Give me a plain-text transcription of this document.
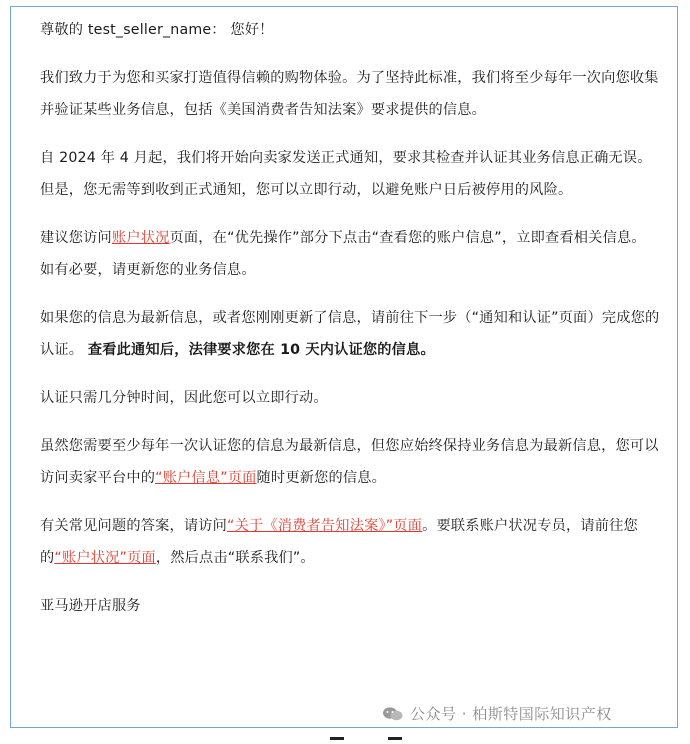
尊敬的 test_seller_name： 您好！

我们致力于为您和买家打造值得信赖的购物体验。为了坚持此标准，我们将至少每年一次向您收集并验证某些业务信息，包括《美国消费者告知法案》要求提供的信息。

自 2024 年 4 月起，我们将开始向卖家发送正式通知，要求其检查并认证其业务信息正确无误。但是，您无需等到收到正式通知，您可以立即行动，以避免账户日后被停用的风险。

建议您访问账户状况页面，在“优先操作”部分下点击“查看您的账户信息”，立即查看相关信息。如有必要，请更新您的业务信息。

如果您的信息为最新信息，或者您刚刚更新了信息，请前往下一步（“通知和认证”页面）完成您的认证。 查看此通知后，法律要求您在 10 天内认证您的信息。

认证只需几分钟时间，因此您可以立即行动。

虽然您需要至少每年一次认证您的信息为最新信息，但您应始终保持业务信息为最新信息，您可以访问卖家平台中的“账户信息”页面随时更新您的信息。

有关常见问题的答案，请访问“关于《消费者告知法案》”页面。要联系账户状况专员，请前往您的“账户状况”页面，然后点击“联系我们”。

亚马逊开店服务

公众号 · 柏斯特国际知识产权
